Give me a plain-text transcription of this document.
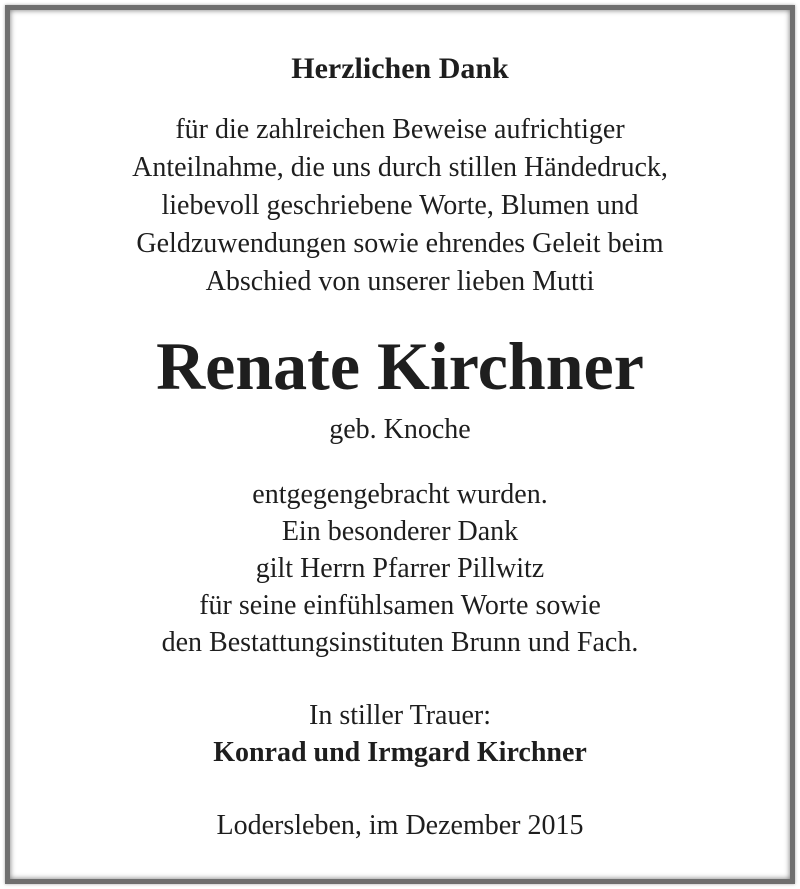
Herzlichen Dank
für die zahlreichen Beweise aufrichtiger
Anteilnahme, die uns durch stillen Händedruck,
liebevoll geschriebene Worte, Blumen und
Geldzuwendungen sowie ehrendes Geleit beim
Abschied von unserer lieben Mutti
Renate Kirchner
geb. Knoche
entgegengebracht wurden.
Ein besonderer Dank
gilt Herrn Pfarrer Pillwitz
für seine einfühlsamen Worte sowie
den Bestattungsinstituten Brunn und Fach.
In stiller Trauer:
Konrad und Irmgard Kirchner
Lodersleben, im Dezember 2015
